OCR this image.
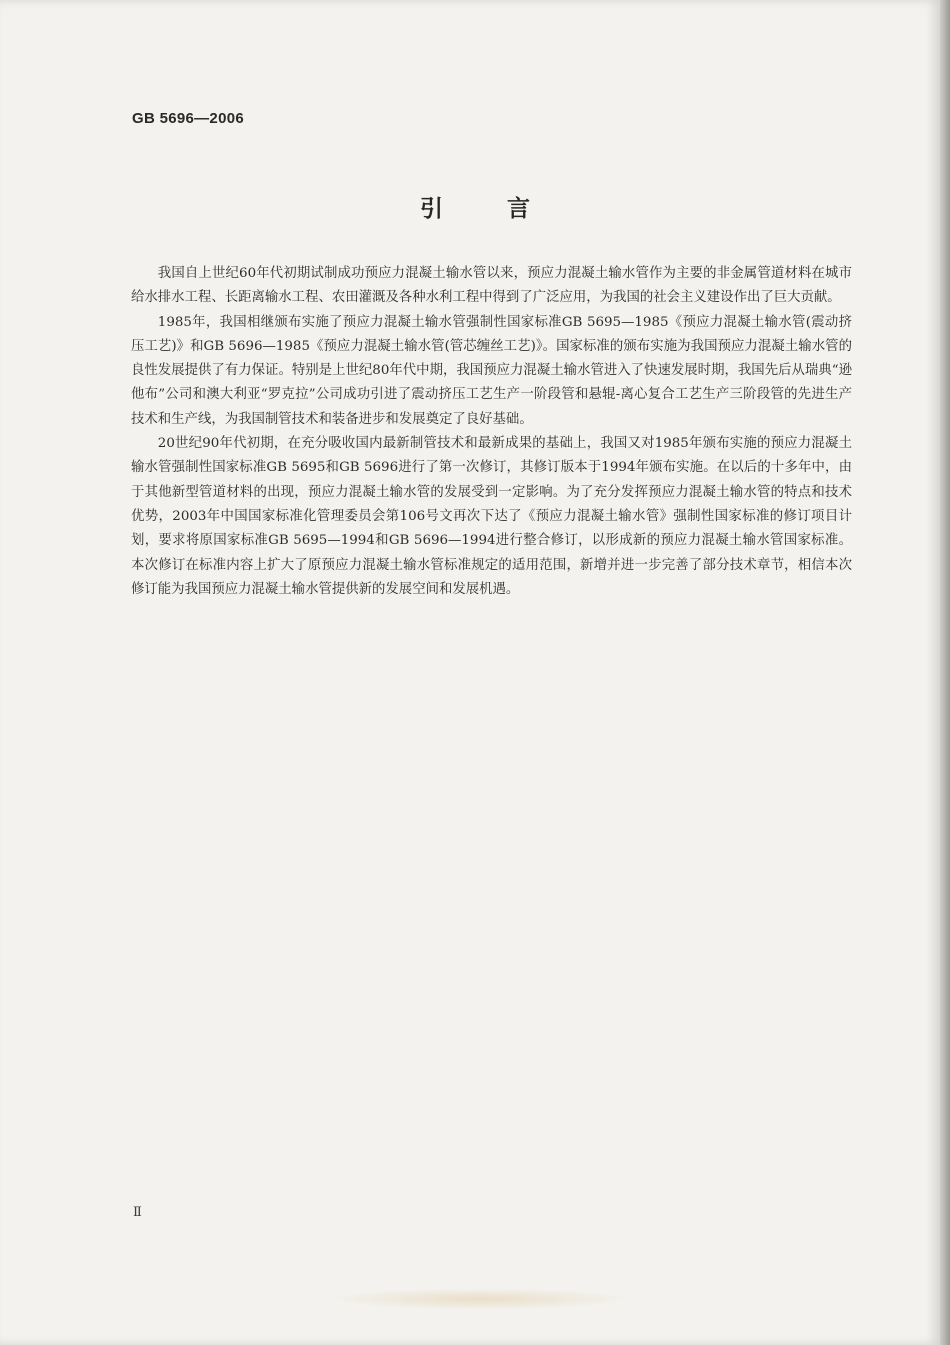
GB 5696—2006
引 言

我国自上世纪60年代初期试制成功预应力混凝土输水管以来，预应力混凝土输水管作为主要的非金属管道材料在城市给水排水工程、长距离输水工程、农田灌溉及各种水利工程中得到了广泛应用，为我国的社会主义建设作出了巨大贡献。

1985年，我国相继颁布实施了预应力混凝土输水管强制性国家标准GB 5695—1985《预应力混凝土输水管(震动挤压工艺)》和GB 5696—1985《预应力混凝土输水管(管芯缠丝工艺)》。国家标准的颁布实施为我国预应力混凝土输水管的良性发展提供了有力保证。特别是上世纪80年代中期，我国预应力混凝土输水管进入了快速发展时期，我国先后从瑞典“逊他布”公司和澳大利亚“罗克拉”公司成功引进了震动挤压工艺生产一阶段管和悬辊-离心复合工艺生产三阶段管的先进生产技术和生产线，为我国制管技术和装备进步和发展奠定了良好基础。

20世纪90年代初期，在充分吸收国内最新制管技术和最新成果的基础上，我国又对1985年颁布实施的预应力混凝土输水管强制性国家标准GB 5695和GB 5696进行了第一次修订，其修订版本于1994年颁布实施。在以后的十多年中，由于其他新型管道材料的出现，预应力混凝土输水管的发展受到一定影响。为了充分发挥预应力混凝土输水管的特点和技术优势，2003年中国国家标准化管理委员会第106号文再次下达了《预应力混凝土输水管》强制性国家标准的修订项目计划，要求将原国家标准GB 5695—1994和GB 5696—1994进行整合修订，以形成新的预应力混凝土输水管国家标准。本次修订在标准内容上扩大了原预应力混凝土输水管标准规定的适用范围，新增并进一步完善了部分技术章节，相信本次修订能为我国预应力混凝土输水管提供新的发展空间和发展机遇。

Ⅱ
